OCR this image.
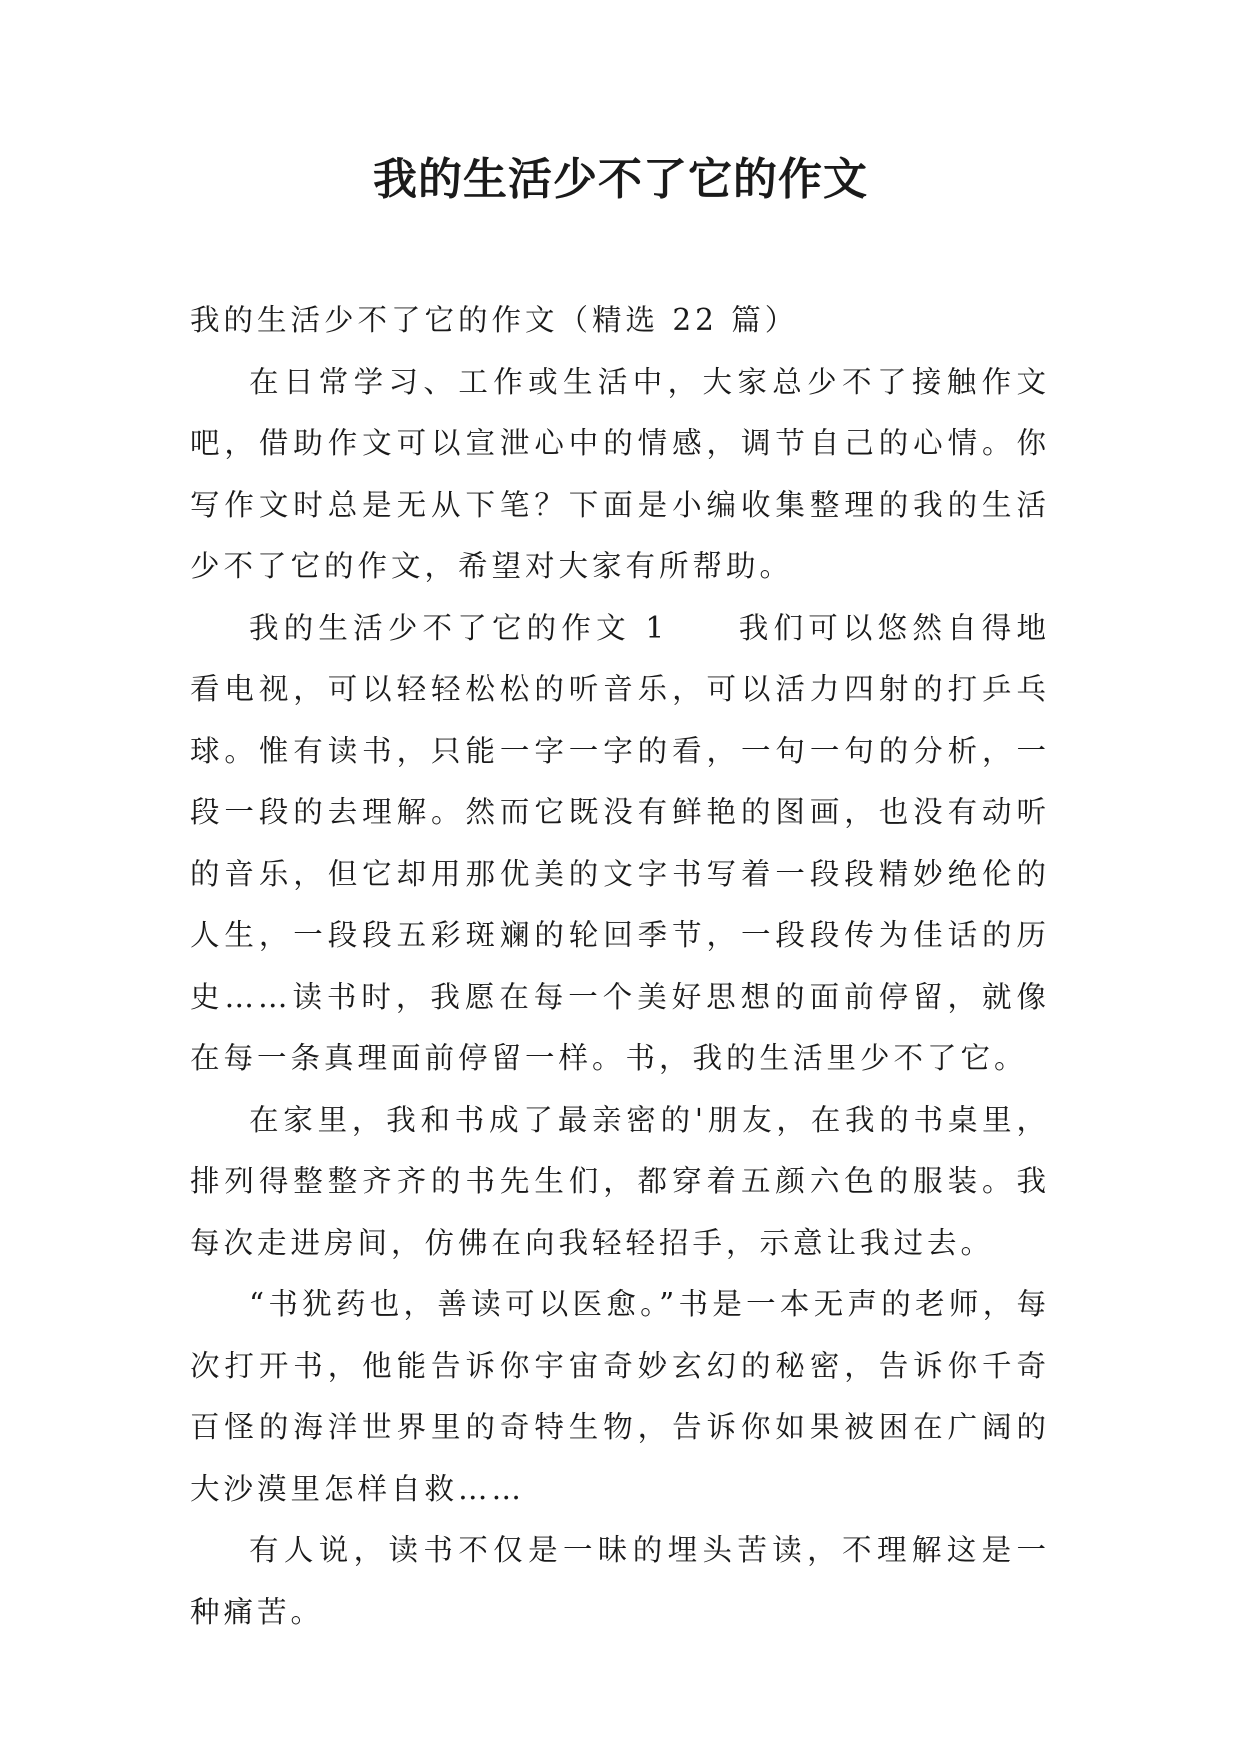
我的生活少不了它的作文

我的生活少不了它的作文（精选 22 篇）

在日常学习、工作或生活中，大家总少不了接触作文吧，借助作文可以宣泄心中的情感，调节自己的心情。你写作文时总是无从下笔？下面是小编收集整理的我的生活少不了它的作文，希望对大家有所帮助。

我的生活少不了它的作文 1　　我们可以悠然自得地看电视，可以轻轻松松的听音乐，可以活力四射的打乒乓球。惟有读书，只能一字一字的看，一句一句的分析，一段一段的去理解。然而它既没有鲜艳的图画，也没有动听的音乐，但它却用那优美的文字书写着一段段精妙绝伦的人生，一段段五彩斑斓的轮回季节，一段段传为佳话的历史……读书时，我愿在每一个美好思想的面前停留，就像在每一条真理面前停留一样。书，我的生活里少不了它。

在家里，我和书成了最亲密的'朋友，在我的书桌里，排列得整整齐齐的书先生们，都穿着五颜六色的服装。我每次走进房间，仿佛在向我轻轻招手，示意让我过去。

“书犹药也，善读可以医愈。”书是一本无声的老师，每次打开书，他能告诉你宇宙奇妙玄幻的秘密，告诉你千奇百怪的海洋世界里的奇特生物，告诉你如果被困在广阔的大沙漠里怎样自救……

有人说，读书不仅是一昧的埋头苦读，不理解这是一种痛苦。
